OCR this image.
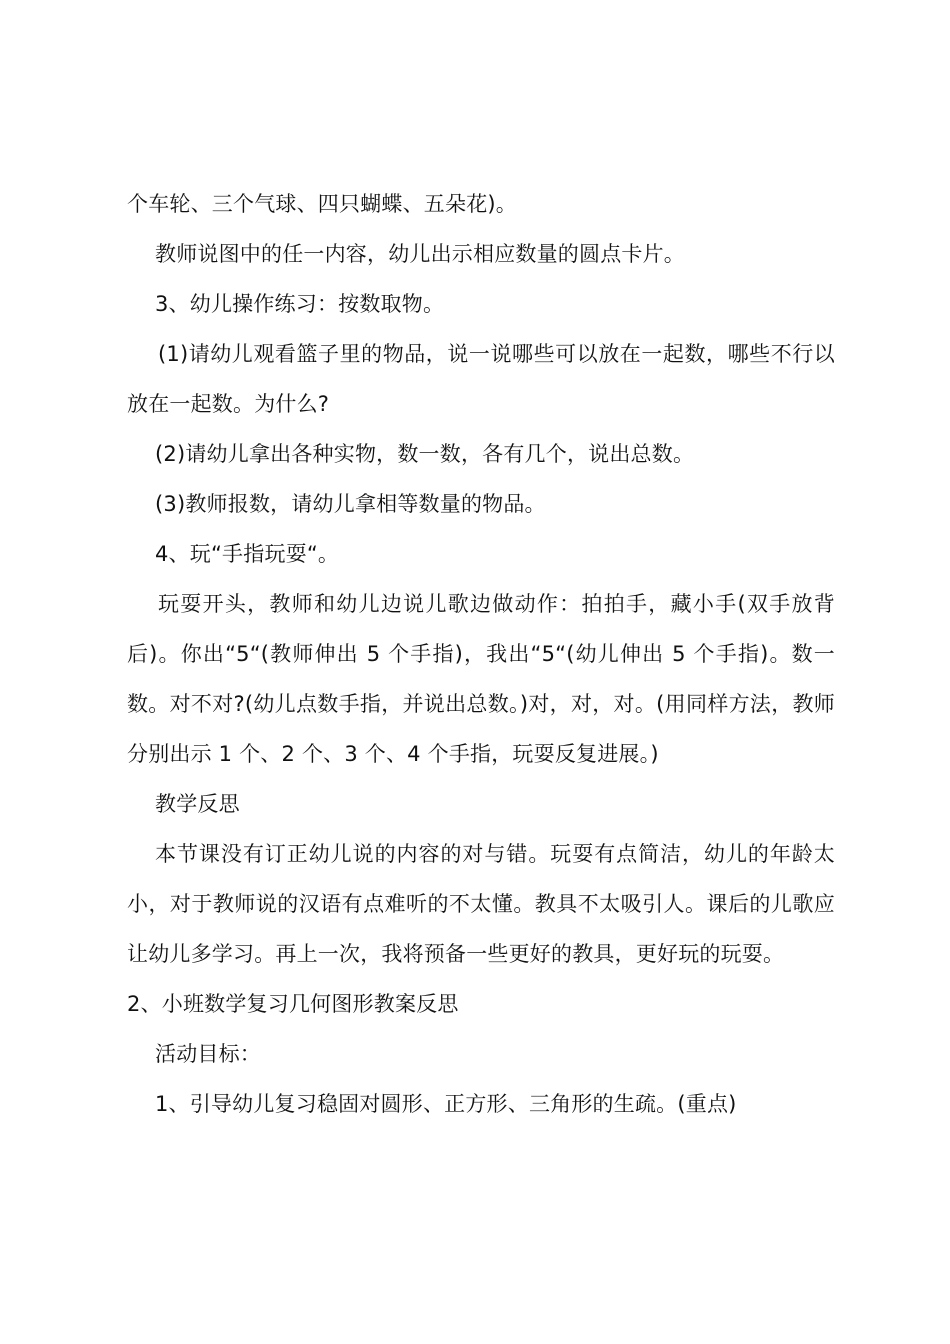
个车轮、三个气球、四只蝴蝶、五朵花)。

教师说图中的任一内容，幼儿出示相应数量的圆点卡片。

3、幼儿操作练习：按数取物。

(1)请幼儿观看篮子里的物品，说一说哪些可以放在一起数，哪些不行以放在一起数。为什么?

(2)请幼儿拿出各种实物，数一数，各有几个，说出总数。

(3)教师报数，请幼儿拿相等数量的物品。

4、玩“手指玩耍“。

玩耍开头，教师和幼儿边说儿歌边做动作：拍拍手，藏小手(双手放背后)。你出“5“(教师伸出 5 个手指)，我出“5“(幼儿伸出 5 个手指)。数一数。对不对?(幼儿点数手指，并说出总数。)对，对，对。(用同样方法，教师分别出示 1 个、2 个、3 个、4 个手指，玩耍反复进展。)

教学反思

本节课没有订正幼儿说的内容的对与错。玩耍有点简洁，幼儿的年龄太小，对于教师说的汉语有点难听的不太懂。教具不太吸引人。课后的儿歌应让幼儿多学习。再上一次，我将预备一些更好的教具，更好玩的玩耍。

2、小班数学复习几何图形教案反思

活动目标：

1、引导幼儿复习稳固对圆形、正方形、三角形的生疏。(重点)
